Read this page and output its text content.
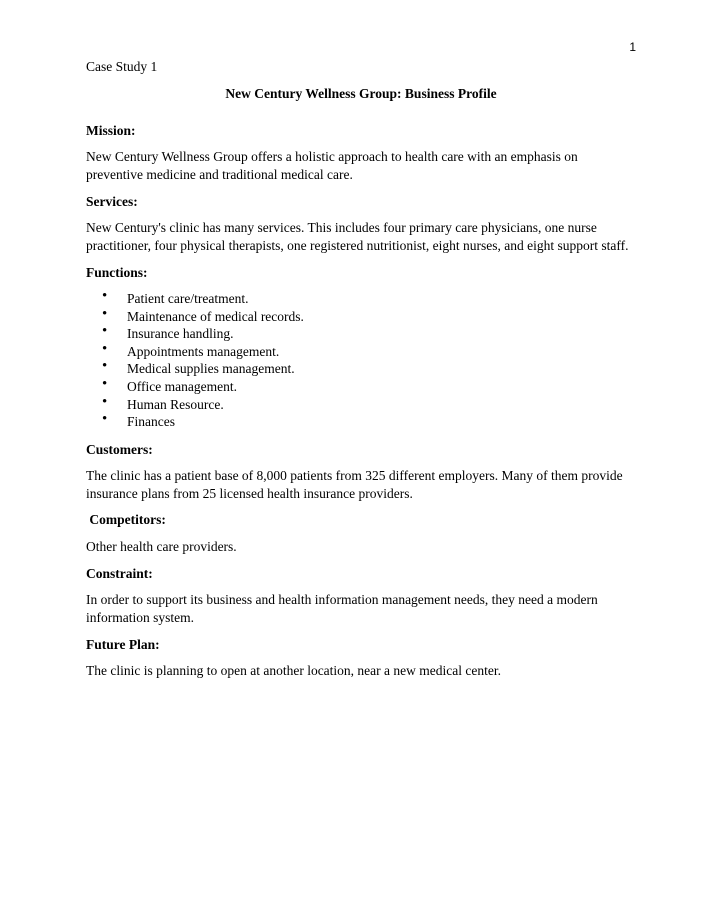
1

Case Study 1

New Century Wellness Group: Business Profile

Mission:

New Century Wellness Group offers a holistic approach to health care with an emphasis on preventive medicine and traditional medical care.

Services:

New Century's clinic has many services. This includes four primary care physicians, one nurse practitioner, four physical therapists, one registered nutritionist, eight nurses, and eight support staff.

Functions:

• Patient care/treatment.
• Maintenance of medical records.
• Insurance handling.
• Appointments management.
• Medical supplies management.
• Office management.
• Human Resource.
• Finances

Customers:

The clinic has a patient base of 8,000 patients from 325 different employers. Many of them provide insurance plans from 25 licensed health insurance providers.

Competitors:

Other health care providers.

Constraint:

In order to support its business and health information management needs, they need a modern information system.

Future Plan:

The clinic is planning to open at another location, near a new medical center.
